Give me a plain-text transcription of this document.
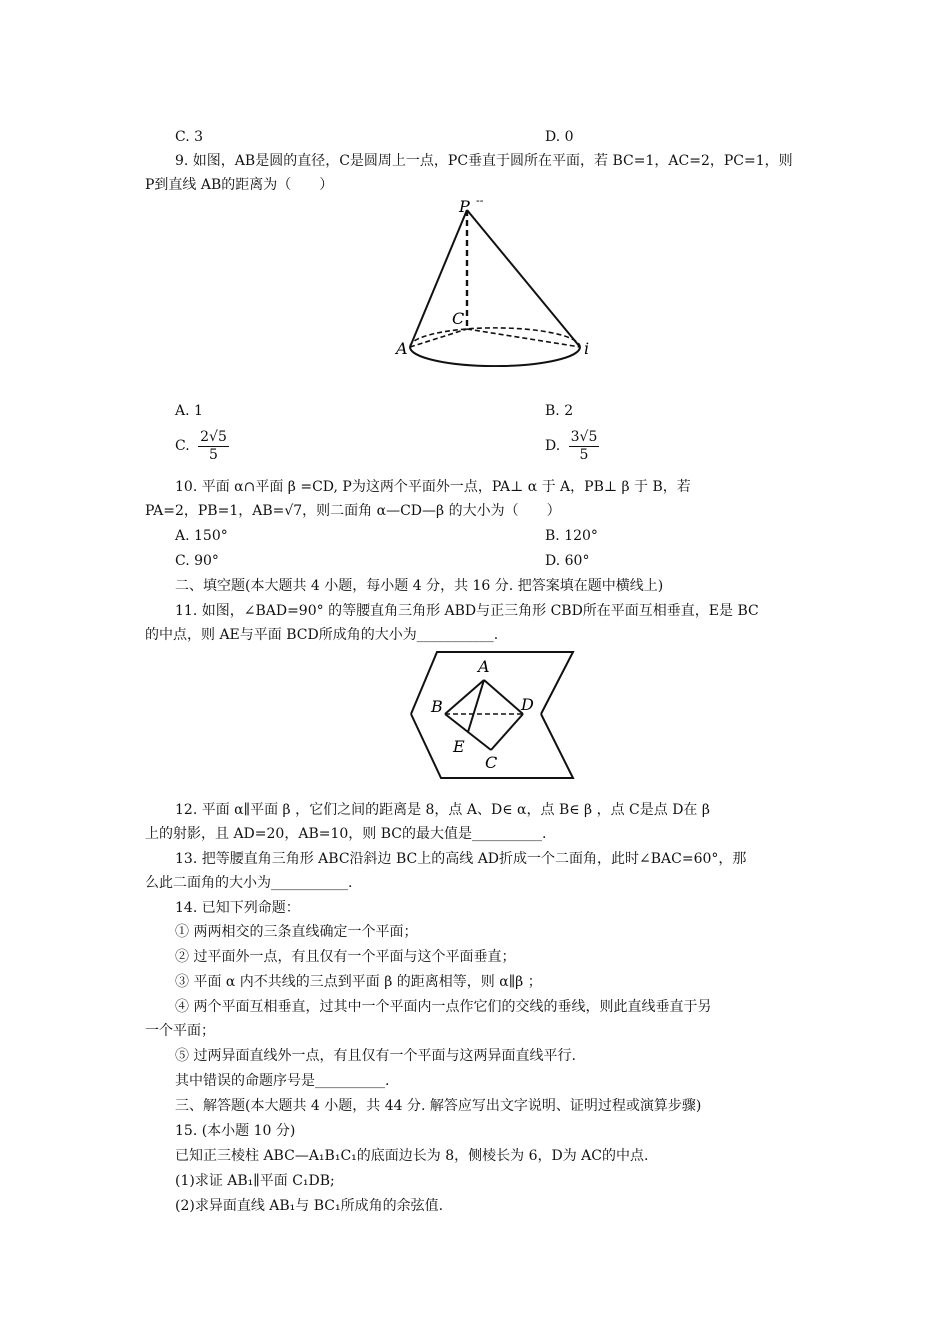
C. 3	D. 0
9. 如图，AB是圆的直径，C是圆周上一点，PC垂直于圆所在平面，若 BC=1，AC=2，PC=1，则
P到直线 AB的距离为（　　）
P --
C
A	i
A. 1	B. 2
C. $\frac{2√5}{5}$	D. $\frac{3√5}{5}$
10. 平面 α∩平面 β =CD, P为这两个平面外一点，PA⊥ α 于 A，PB⊥ β 于 B，若
PA=2，PB=1，AB=√7，则二面角 α—CD—β 的大小为（　　）
A. 150°	B. 120°
C. 90°	D. 60°
二、填空题(本大题共 4 小题，每小题 4 分，共 16 分. 把答案填在题中横线上)
11. 如图，∠BAD=90° 的等腰直角三角形 ABD与正三角形 CBD所在平面互相垂直，E是 BC
的中点，则 AE与平面 BCD所成角的大小为___________.
A
B	D
E
C
12. 平面 α∥平面 β ，它们之间的距离是 8，点 A、D∈ α，点 B∈ β ，点 C是点 D在 β
上的射影，且 AD=20，AB=10，则 BC的最大值是__________.
13. 把等腰直角三角形 ABC沿斜边 BC上的高线 AD折成一个二面角，此时∠BAC=60°，那
么此二面角的大小为___________.
14. 已知下列命题：
① 两两相交的三条直线确定一个平面；
② 过平面外一点，有且仅有一个平面与这个平面垂直；
③ 平面 α 内不共线的三点到平面 β 的距离相等，则 α∥β ；
④ 两个平面互相垂直，过其中一个平面内一点作它们的交线的垂线，则此直线垂直于另
一个平面；
⑤ 过两异面直线外一点，有且仅有一个平面与这两异面直线平行.
其中错误的命题序号是__________.
三、解答题(本大题共 4 小题，共 44 分. 解答应写出文字说明、证明过程或演算步骤)
15. (本小题 10 分)
已知正三棱柱 ABC—A₁B₁C₁的底面边长为 8，侧棱长为 6，D为 AC的中点.
(1)求证 AB₁∥平面 C₁DB;
(2)求异面直线 AB₁与 BC₁所成角的余弦值.
